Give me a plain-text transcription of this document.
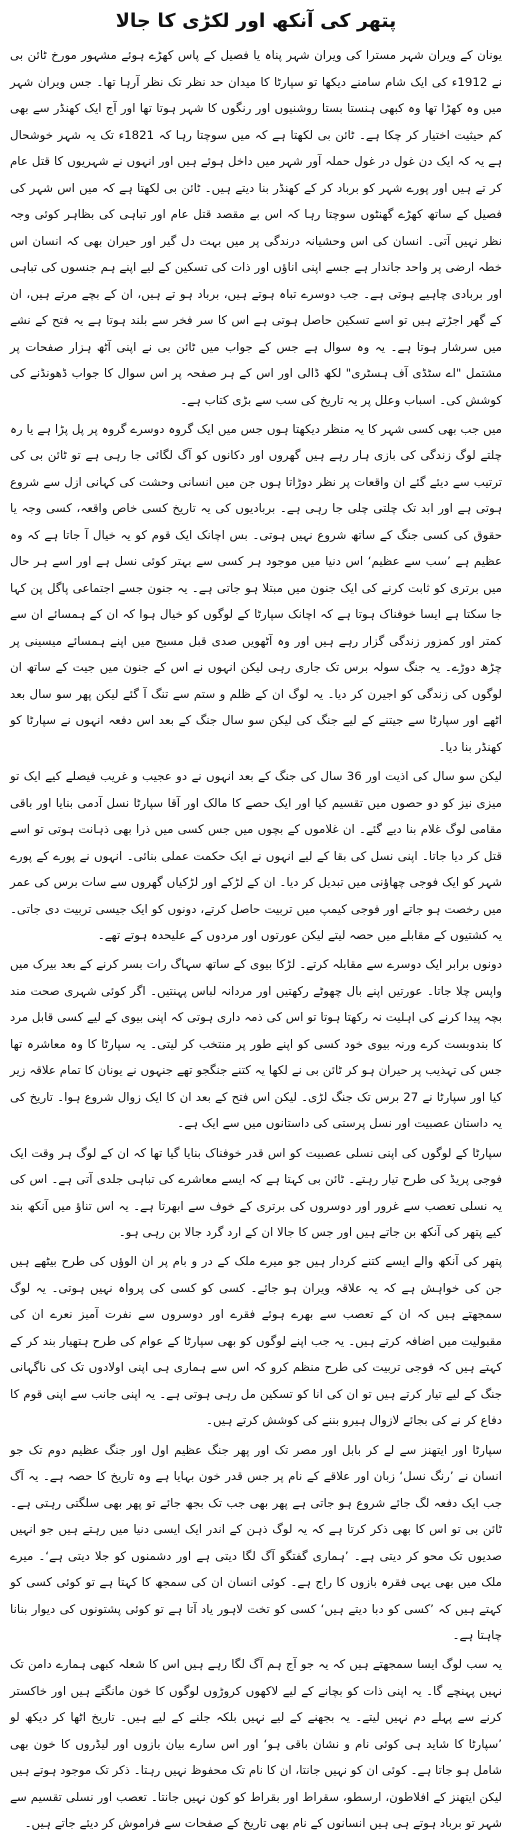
پتھر کی آنکھ اور لکڑی کا جالا

یونان کے ویران شہر مسترا کی ویران شہر پناہ یا فصیل کے پاس کھڑے ہوئے مشہور مورخ ٹائن بی نے 1912ء کی ایک شام سامنے دیکھا تو سپارٹا کا میدان حد نظر تک نظر آرہا تھا۔ جس ویران شہر میں وہ کھڑا تھا وہ کبھی ہنستا بستا روشنیوں اور رنگوں کا شہر ہوتا تھا اور آج ایک کھنڈر سے بھی کم حیثیت اختیار کر چکا ہے۔ ٹائن بی لکھتا ہے کہ میں سوچتا رہا کہ 1821ء تک یہ شہر خوشحال ہے یہ کہ ایک دن غول در غول حملہ آور شہر میں داخل ہوئے ہیں اور انہوں نے شہریوں کا قتل عام کر تے ہیں اور پورے شہر کو برباد کر کے کھنڈر بنا دیتے ہیں۔ ٹائن بی لکھتا ہے کہ میں اس شہر کی فصیل کے ساتھ کھڑے گھنٹوں سوچتا رہا کہ اس بے مقصد قتل عام اور تباہی کی بظاہر کوئی وجہ نظر نہیں آتی۔ انسان کی اس وحشیانہ درندگی پر میں بہت دل گیر اور حیران بھی کہ انسان اس خطہ ارضی پر واحد جاندار ہے جسے اپنی اناؤں اور ذات کی تسکین کے لیے اپنے ہم جنسوں کی تباہی اور بربادی چاہیے ہوتی ہے۔ جب دوسرے تباہ ہوتے ہیں، برباد ہو تے ہیں، ان کے بچے مرتے ہیں، ان کے گھر اجڑتے ہیں تو اسے تسکین حاصل ہوتی ہے اس کا سر فخر سے بلند ہوتا ہے یہ فتح کے نشے میں سرشار ہوتا ہے۔ یہ وہ سوال ہے جس کے جواب میں ٹائن بی نے اپنی آٹھ ہزار صفحات پر مشتمل "اے سٹڈی آف ہسٹری" لکھ ڈالی اور اس کے ہر صفحہ پر اس سوال کا جواب ڈھونڈنے کی کوشش کی۔ اسباب وعلل پر یہ تاریخ کی سب سے بڑی کتاب ہے۔

میں جب بھی کسی شہر کا یہ منظر دیکھتا ہوں جس میں ایک گروہ دوسرے گروہ پر پل پڑا ہے یا رہ چلتے لوگ زندگی کی بازی ہار رہے ہیں گھروں اور دکانوں کو آگ لگائی جا رہی ہے تو ٹائن بی کی ترتیب سے دیئے گئے ان واقعات پر نظر دوڑاتا ہوں جن میں انسانی وحشت کی کہانی ازل سے شروع ہوتی ہے اور ابد تک چلتی چلی جا رہی ہے۔ بربادیوں کی یہ تاریخ کسی خاص واقعہ، کسی وجہ یا حقوق کی کسی جنگ کے ساتھ شروع نہیں ہوتی۔ بس اچانک ایک قوم کو یہ خیال آ جاتا ہے کہ وہ عظیم ہے ’سب سے عظیم‘ اس دنیا میں موجود ہر کسی سے بہتر کوئی نسل ہے اور اسے ہر حال میں برتری کو ثابت کرنے کی ایک جنون میں مبتلا ہو جاتی ہے۔ یہ جنون جسے اجتماعی پاگل پن کہا جا سکتا ہے ایسا خوفناک ہوتا ہے کہ اچانک سپارٹا کے لوگوں کو خیال ہوا کہ ان کے ہمسائے ان سے کمتر اور کمزور زندگی گزار رہے ہیں اور وہ آٹھویں صدی قبل مسیح میں اپنے ہمسائے میسینی پر چڑھ دوڑے۔ یہ جنگ سولہ برس تک جاری رہی لیکن انہوں نے اس کے جنون میں جیت کے ساتھ ان لوگوں کی زندگی کو اجیرن کر دیا۔ یہ لوگ ان کے ظلم و ستم سے تنگ آ گئے لیکن پھر سو سال بعد اٹھے اور سپارٹا سے جیتنے کے لیے جنگ کی لیکن سو سال جنگ کے بعد اس دفعہ انہوں نے سپارٹا کو کھنڈر بنا دیا۔

لیکن سو سال کی اذیت اور 36 سال کی جنگ کے بعد انہوں نے دو عجیب و غریب فیصلے کیے ایک تو میزی نیز کو دو حصوں میں تقسیم کیا اور ایک حصے کا مالک اور آقا سپارٹا نسل آدمی بنایا اور باقی مقامی لوگ غلام بنا دیے گئے۔ ان غلاموں کے بچوں میں جس کسی میں ذرا بھی ذہانت ہوتی تو اسے قتل کر دیا جاتا۔ اپنی نسل کی بقا کے لیے انہوں نے ایک حکمت عملی بنائی۔ انہوں نے پورے کے پورے شہر کو ایک فوجی چھاؤنی میں تبدیل کر دیا۔ ان کے لڑکے اور لڑکیاں گھروں سے سات برس کی عمر میں رخصت ہو جاتے اور فوجی کیمپ میں تربیت حاصل کرتے، دونوں کو ایک جیسی تربیت دی جاتی۔ یہ کشتیوں کے مقابلے میں حصہ لیتے لیکن عورتوں اور مردوں کے علیحدہ ہوتے تھے۔

دونوں برابر ایک دوسرے سے مقابلہ کرتے۔ لڑکا بیوی کے ساتھ سہاگ رات بسر کرنے کے بعد بیرک میں واپس چلا جاتا۔ عورتیں اپنے بال چھوٹے رکھتیں اور مردانہ لباس پہنتیں۔ اگر کوئی شہری صحت مند بچہ پیدا کرنے کی اہلیت نہ رکھتا ہوتا تو اس کی ذمہ داری ہوتی کہ اپنی بیوی کے لیے کسی قابل مرد کا بندوبست کرے ورنہ بیوی خود کسی کو اپنے طور پر منتخب کر لیتی۔ یہ سپارٹا کا وہ معاشرہ تھا جس کی تہذیب پر حیران ہو کر ٹائن بی نے لکھا یہ کتنے جنگجو تھے جنہوں نے یونان کا تمام علاقہ زیر کیا اور سپارٹا نے 27 برس تک جنگ لڑی۔ لیکن اس فتح کے بعد ان کا ایک زوال شروع ہوا۔ تاریخ کی یہ داستان عصبیت اور نسل پرستی کی داستانوں میں سے ایک ہے۔

سپارٹا کے لوگوں کی اپنی نسلی عصبیت کو اس قدر خوفناک بنایا گیا تھا کہ ان کے لوگ ہر وقت ایک فوجی پریڈ کی طرح تیار رہتے۔ ٹائن بی کہتا ہے کہ ایسے معاشرے کی تباہی جلدی آتی ہے۔ اس کی یہ نسلی تعصب سے غرور اور دوسروں کی برتری کے خوف سے ابھرتا ہے۔ یہ اس تناؤ میں آنکھ بند کیے پتھر کی آنکھ بن جاتے ہیں اور جس کا جالا ان کے ارد گرد جالا بن رہی ہو۔

پتھر کی آنکھ والے ایسے کتنے کردار ہیں جو میرے ملک کے در و بام پر ان الوؤں کی طرح بیٹھے ہیں جن کی خواہش ہے کہ یہ علاقہ ویران ہو جائے۔ کسی کو کسی کی پرواہ نہیں ہوتی۔ یہ لوگ سمجھتے ہیں کہ ان کے تعصب سے بھرے ہوئے فقرے اور دوسروں سے نفرت آمیز نعرے ان کی مقبولیت میں اضافہ کرتے ہیں۔ یہ جب اپنے لوگوں کو بھی سپارٹا کے عوام کی طرح ہتھیار بند کر کے کہتے ہیں کہ فوجی تربیت کی طرح منظم کرو کہ اس سے ہماری ہی اپنی اولادوں تک کی ناگہانی جنگ کے لیے تیار کرتے ہیں تو ان کی انا کو تسکین مل رہی ہوتی ہے۔ یہ اپنی جانب سے اپنی قوم کا دفاع کر نے کی بجائے لازوال ہیرو بننے کی کوشش کرتے ہیں۔

سپارٹا اور ایتھنز سے لے کر بابل اور مصر تک اور پھر جنگ عظیم اول اور جنگ عظیم دوم تک جو انسان نے ’رنگ نسل‘ زبان اور علاقے کے نام پر جس قدر خون بہایا ہے وہ تاریخ کا حصہ ہے۔ یہ آگ جب ایک دفعہ لگ جائے شروع ہو جاتی ہے پھر بھی جب تک بجھ جائے تو پھر بھی سلگتی رہتی ہے۔ ٹائن بی تو اس کا بھی ذکر کرتا ہے کہ یہ لوگ ذہن کے اندر ایک ایسی دنیا میں رہتے ہیں جو انہیں صدیوں تک محو کر دیتی ہے۔ ’ہماری گفتگو آگ لگا دیتی ہے اور دشمنوں کو جلا دیتی ہے‘۔ میرے ملک میں بھی یہی فقرہ بازوں کا راج ہے۔ کوئی انسان ان کی سمجھ کا کہتا ہے تو کوئی کسی کو کہتے ہیں کہ ’کسی کو دبا دیتے ہیں‘ کسی کو تخت لاہور یاد آتا ہے تو کوئی پشتونوں کی دیوار بنانا چاہتا ہے۔

یہ سب لوگ ایسا سمجھتے ہیں کہ یہ جو آج ہم آگ لگا رہے ہیں اس کا شعلہ کبھی ہمارے دامن تک نہیں پہنچے گا۔ یہ اپنی ذات کو بچانے کے لیے لاکھوں کروڑوں لوگوں کا خون مانگتے ہیں اور خاکستر کرنے سے پہلے دم نہیں لیتے۔ یہ بجھنے کے لیے نہیں بلکہ جلنے کے لیے ہیں۔ تاریخ اٹھا کر دیکھ لو ’سپارٹا کا شاید ہی کوئی نام و نشان باقی ہو‘ اور اس سارے بیان بازوں اور لیڈروں کا خون بھی شامل ہو جاتا ہے۔ کوئی ان کو نہیں جانتا، ان کا نام تک محفوظ نہیں رہتا۔ ذکر تک موجود ہوتے ہیں لیکن ایتھنز کے افلاطون، ارسطو، سقراط اور بقراط کو کون نہیں جانتا۔ تعصب اور نسلی تقسیم سے شہر تو برباد ہوتے ہی ہیں انسانوں کے نام بھی تاریخ کے صفحات سے فراموش کر دیئے جاتے ہیں۔
